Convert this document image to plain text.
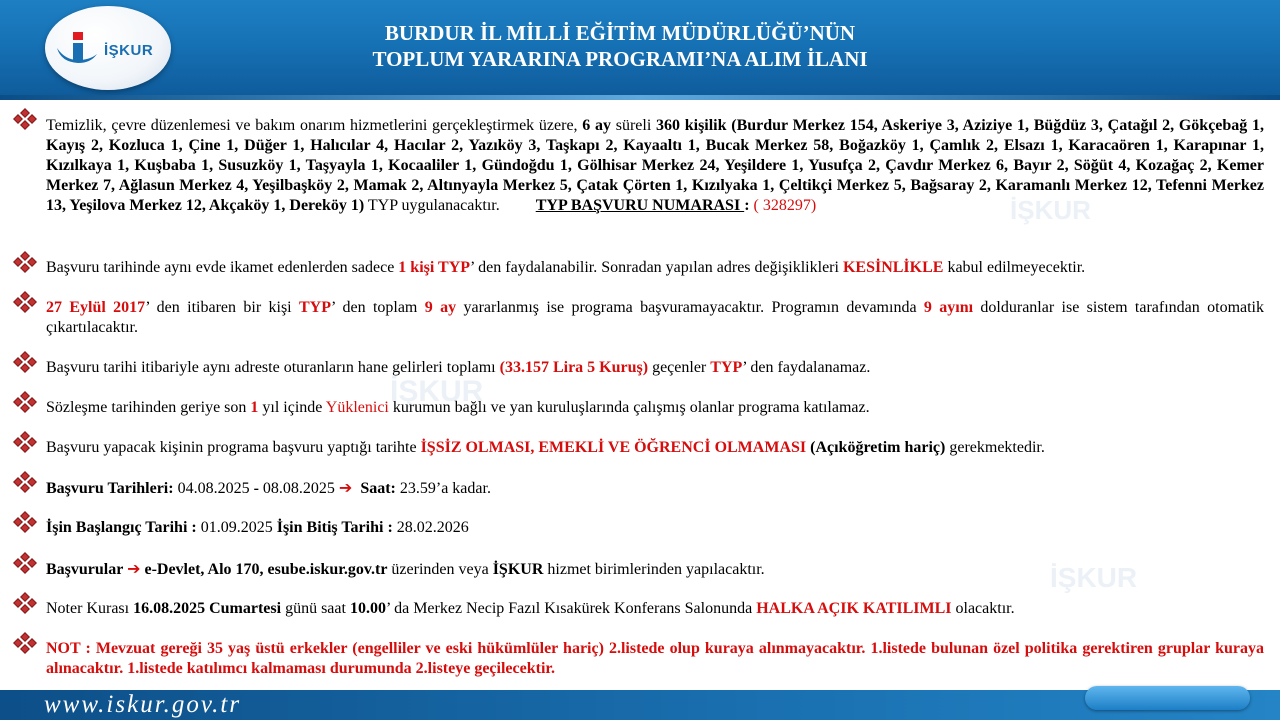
İŞKUR
BURDUR İL MİLLİ EĞİTİM MÜDÜRLÜĞÜ’NÜN
TOPLUM YARARINA PROGRAMI’NA ALIM İLANI
İŞKUR
İŞKUR
İŞKUR
Temizlik, çevre düzenlemesi ve bakım onarım hizmetlerini gerçekleştirmek üzere, 6 ay süreli 360 kişilik (Burdur Merkez 154, Askeriye 3, Aziziye 1, Büğdüz 3, Çatağıl 2, Gökçebağ 1, Kayış 2, Kozluca 1, Çine 1, Düğer 1, Halıcılar 4, Hacılar 2, Yazıköy 3, Taşkapı 2, Kayaaltı 1, Bucak Merkez 58, Boğazköy 1, Çamlık 2, Elsazı 1, Karacaören 1, Karapınar 1, Kızılkaya 1, Kuşbaba 1, Susuzköy 1, Taşyayla 1, Kocaaliler 1, Gündoğdu 1, Gölhisar Merkez 24, Yeşildere 1, Yusufça 2, Çavdır Merkez 6, Bayır 2, Söğüt 4, Kozağaç 2, Kemer Merkez 7, Ağlasun Merkez 4, Yeşilbaşköy 2, Mamak 2, Altınyayla Merkez 5, Çatak Çörten 1, Kızılyaka 1, Çeltikçi Merkez 5, Bağsaray 2, Karamanlı Merkez 12, Tefenni Merkez 13, Yeşilova Merkez 12, Akçaköy 1, Dereköy 1) TYP uygulanacaktır. TYP BAŞVURU NUMARASI : ( 328297)
Başvuru tarihinde aynı evde ikamet edenlerden sadece 1 kişi TYP’ den faydalanabilir. Sonradan yapılan adres değişiklikleri KESİNLİKLE kabul edilmeyecektir.
27 Eylül 2017’ den itibaren bir kişi TYP’ den toplam 9 ay yararlanmış ise programa başvuramayacaktır. Programın devamında 9 ayını dolduranlar ise sistem tarafından otomatik çıkartılacaktır.
Başvuru tarihi itibariyle aynı adreste oturanların hane gelirleri toplamı (33.157 Lira 5 Kuruş) geçenler TYP’ den faydalanamaz.
Sözleşme tarihinden geriye son 1 yıl içinde Yüklenici kurumun bağlı ve yan kuruluşlarında çalışmış olanlar programa katılamaz.
Başvuru yapacak kişinin programa başvuru yaptığı tarihte İŞSİZ OLMASI, EMEKLİ VE ÖĞRENCİ OLMAMASI (Açıköğretim hariç) gerekmektedir.
Başvuru Tarihleri: 04.08.2025 - 08.08.2025 ➔ Saat: 23.59’a kadar.
İşin Başlangıç Tarihi : 01.09.2025 İşin Bitiş Tarihi : 28.02.2026
Başvurular ➔ e-Devlet, Alo 170, esube.iskur.gov.tr üzerinden veya İŞKUR hizmet birimlerinden yapılacaktır.
Noter Kurası 16.08.2025 Cumartesi günü saat 10.00’ da Merkez Necip Fazıl Kısakürek Konferans Salonunda HALKA AÇIK KATILIMLI olacaktır.
NOT : Mevzuat gereği 35 yaş üstü erkekler (engelliler ve eski hükümlüler hariç) 2.listede olup kuraya alınmayacaktır. 1.listede bulunan özel politika gerektiren gruplar kuraya alınacaktır. 1.listede katılımcı kalmaması durumunda 2.listeye geçilecektir.
www.iskur.gov.tr
